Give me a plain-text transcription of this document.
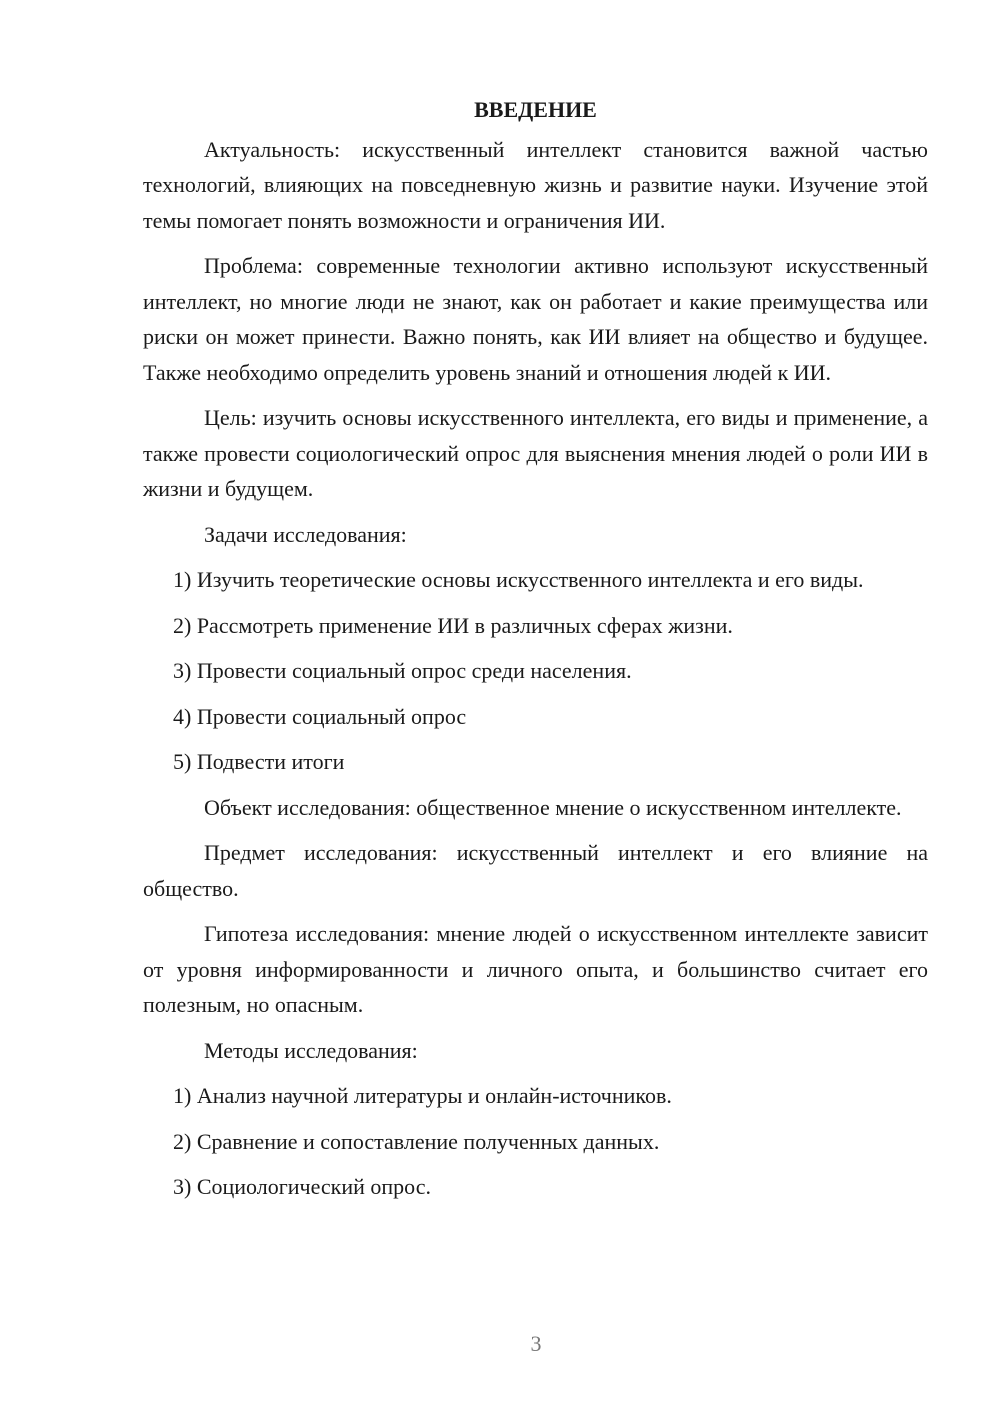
ВВЕДЕНИЕ

Актуальность: искусственный интеллект становится важной частью технологий, влияющих на повседневную жизнь и развитие науки. Изучение этой темы помогает понять возможности и ограничения ИИ.

Проблема: современные технологии активно используют искусственный интеллект, но многие люди не знают, как он работает и какие преимущества или риски он может принести. Важно понять, как ИИ влияет на общество и будущее. Также необходимо определить уровень знаний и отношения людей к ИИ.

Цель: изучить основы искусственного интеллекта, его виды и применение, а также провести социологический опрос для выяснения мнения людей о роли ИИ в жизни и будущем.

Задачи исследования:

1) Изучить теоретические основы искусственного интеллекта и его виды.

2) Рассмотреть применение ИИ в различных сферах жизни.

3) Провести социальный опрос среди населения.

4) Провести социальный опрос

5) Подвести итоги

Объект исследования: общественное мнение о искусственном интеллекте.

Предмет исследования: искусственный интеллект и его влияние на общество.

Гипотеза исследования: мнение людей о искусственном интеллекте зависит от уровня информированности и личного опыта, и большинство считает его полезным, но опасным.

Методы исследования:

1) Анализ научной литературы и онлайн-источников.

2) Сравнение и сопоставление полученных данных.

3) Социологический опрос.

3
